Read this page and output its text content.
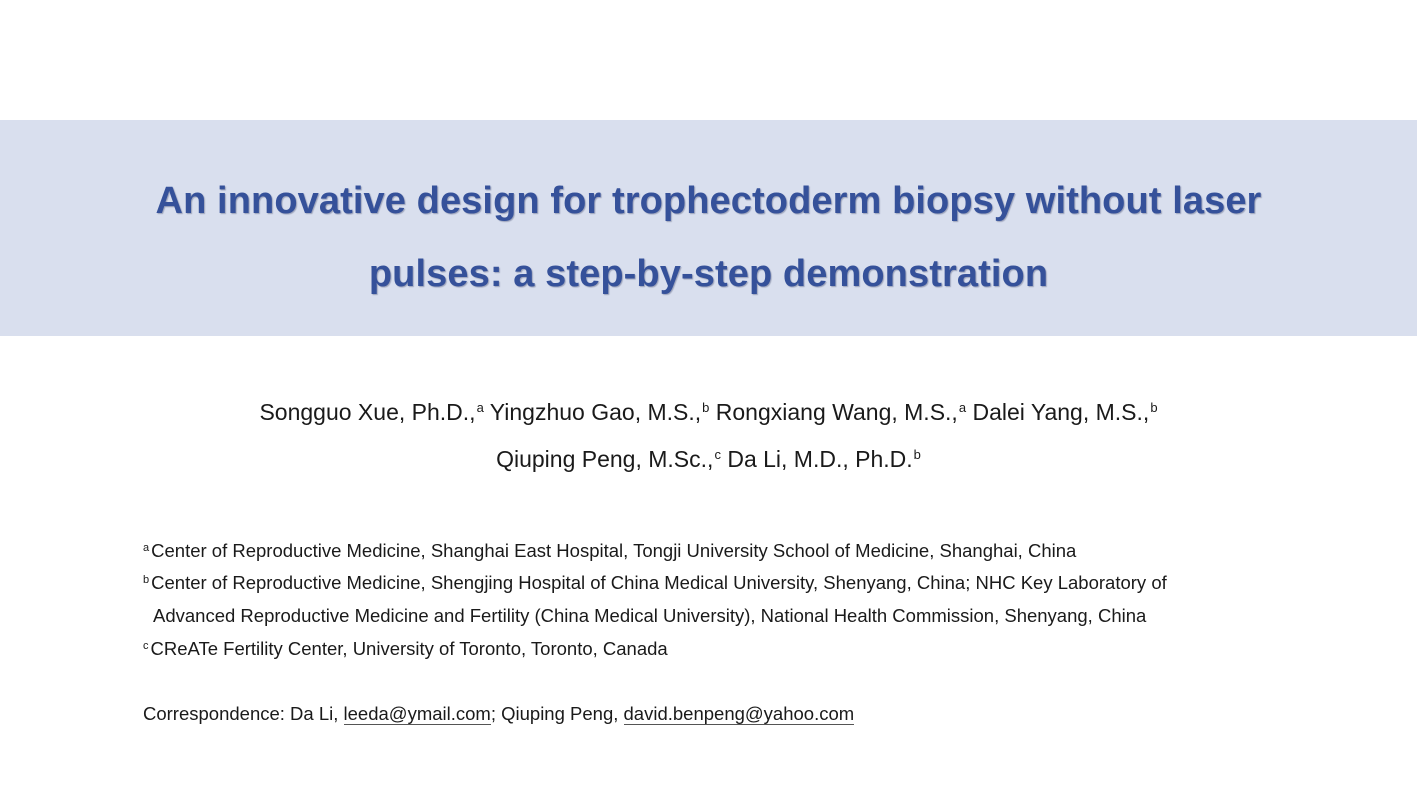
An innovative design for trophectoderm biopsy without laser
pulses: a step-by-step demonstration
Songguo Xue, Ph.D.,$^a$ Yingzhuo Gao, M.S.,$^b$ Rongxiang Wang, M.S.,$^a$ Dalei Yang, M.S.,$^b$
Qiuping Peng, M.Sc.,$^c$ Da Li, M.D., Ph.D.$^b$
$^a$ Center of Reproductive Medicine, Shanghai East Hospital, Tongji University School of Medicine, Shanghai, China
$^b$ Center of Reproductive Medicine, Shengjing Hospital of China Medical University, Shenyang, China; NHC Key Laboratory of
Advanced Reproductive Medicine and Fertility (China Medical University), National Health Commission, Shenyang, China
$^c$ CReATe Fertility Center, University of Toronto, Toronto, Canada
Correspondence: Da Li, leeda@ymail.com; Qiuping Peng, david.benpeng@yahoo.com
